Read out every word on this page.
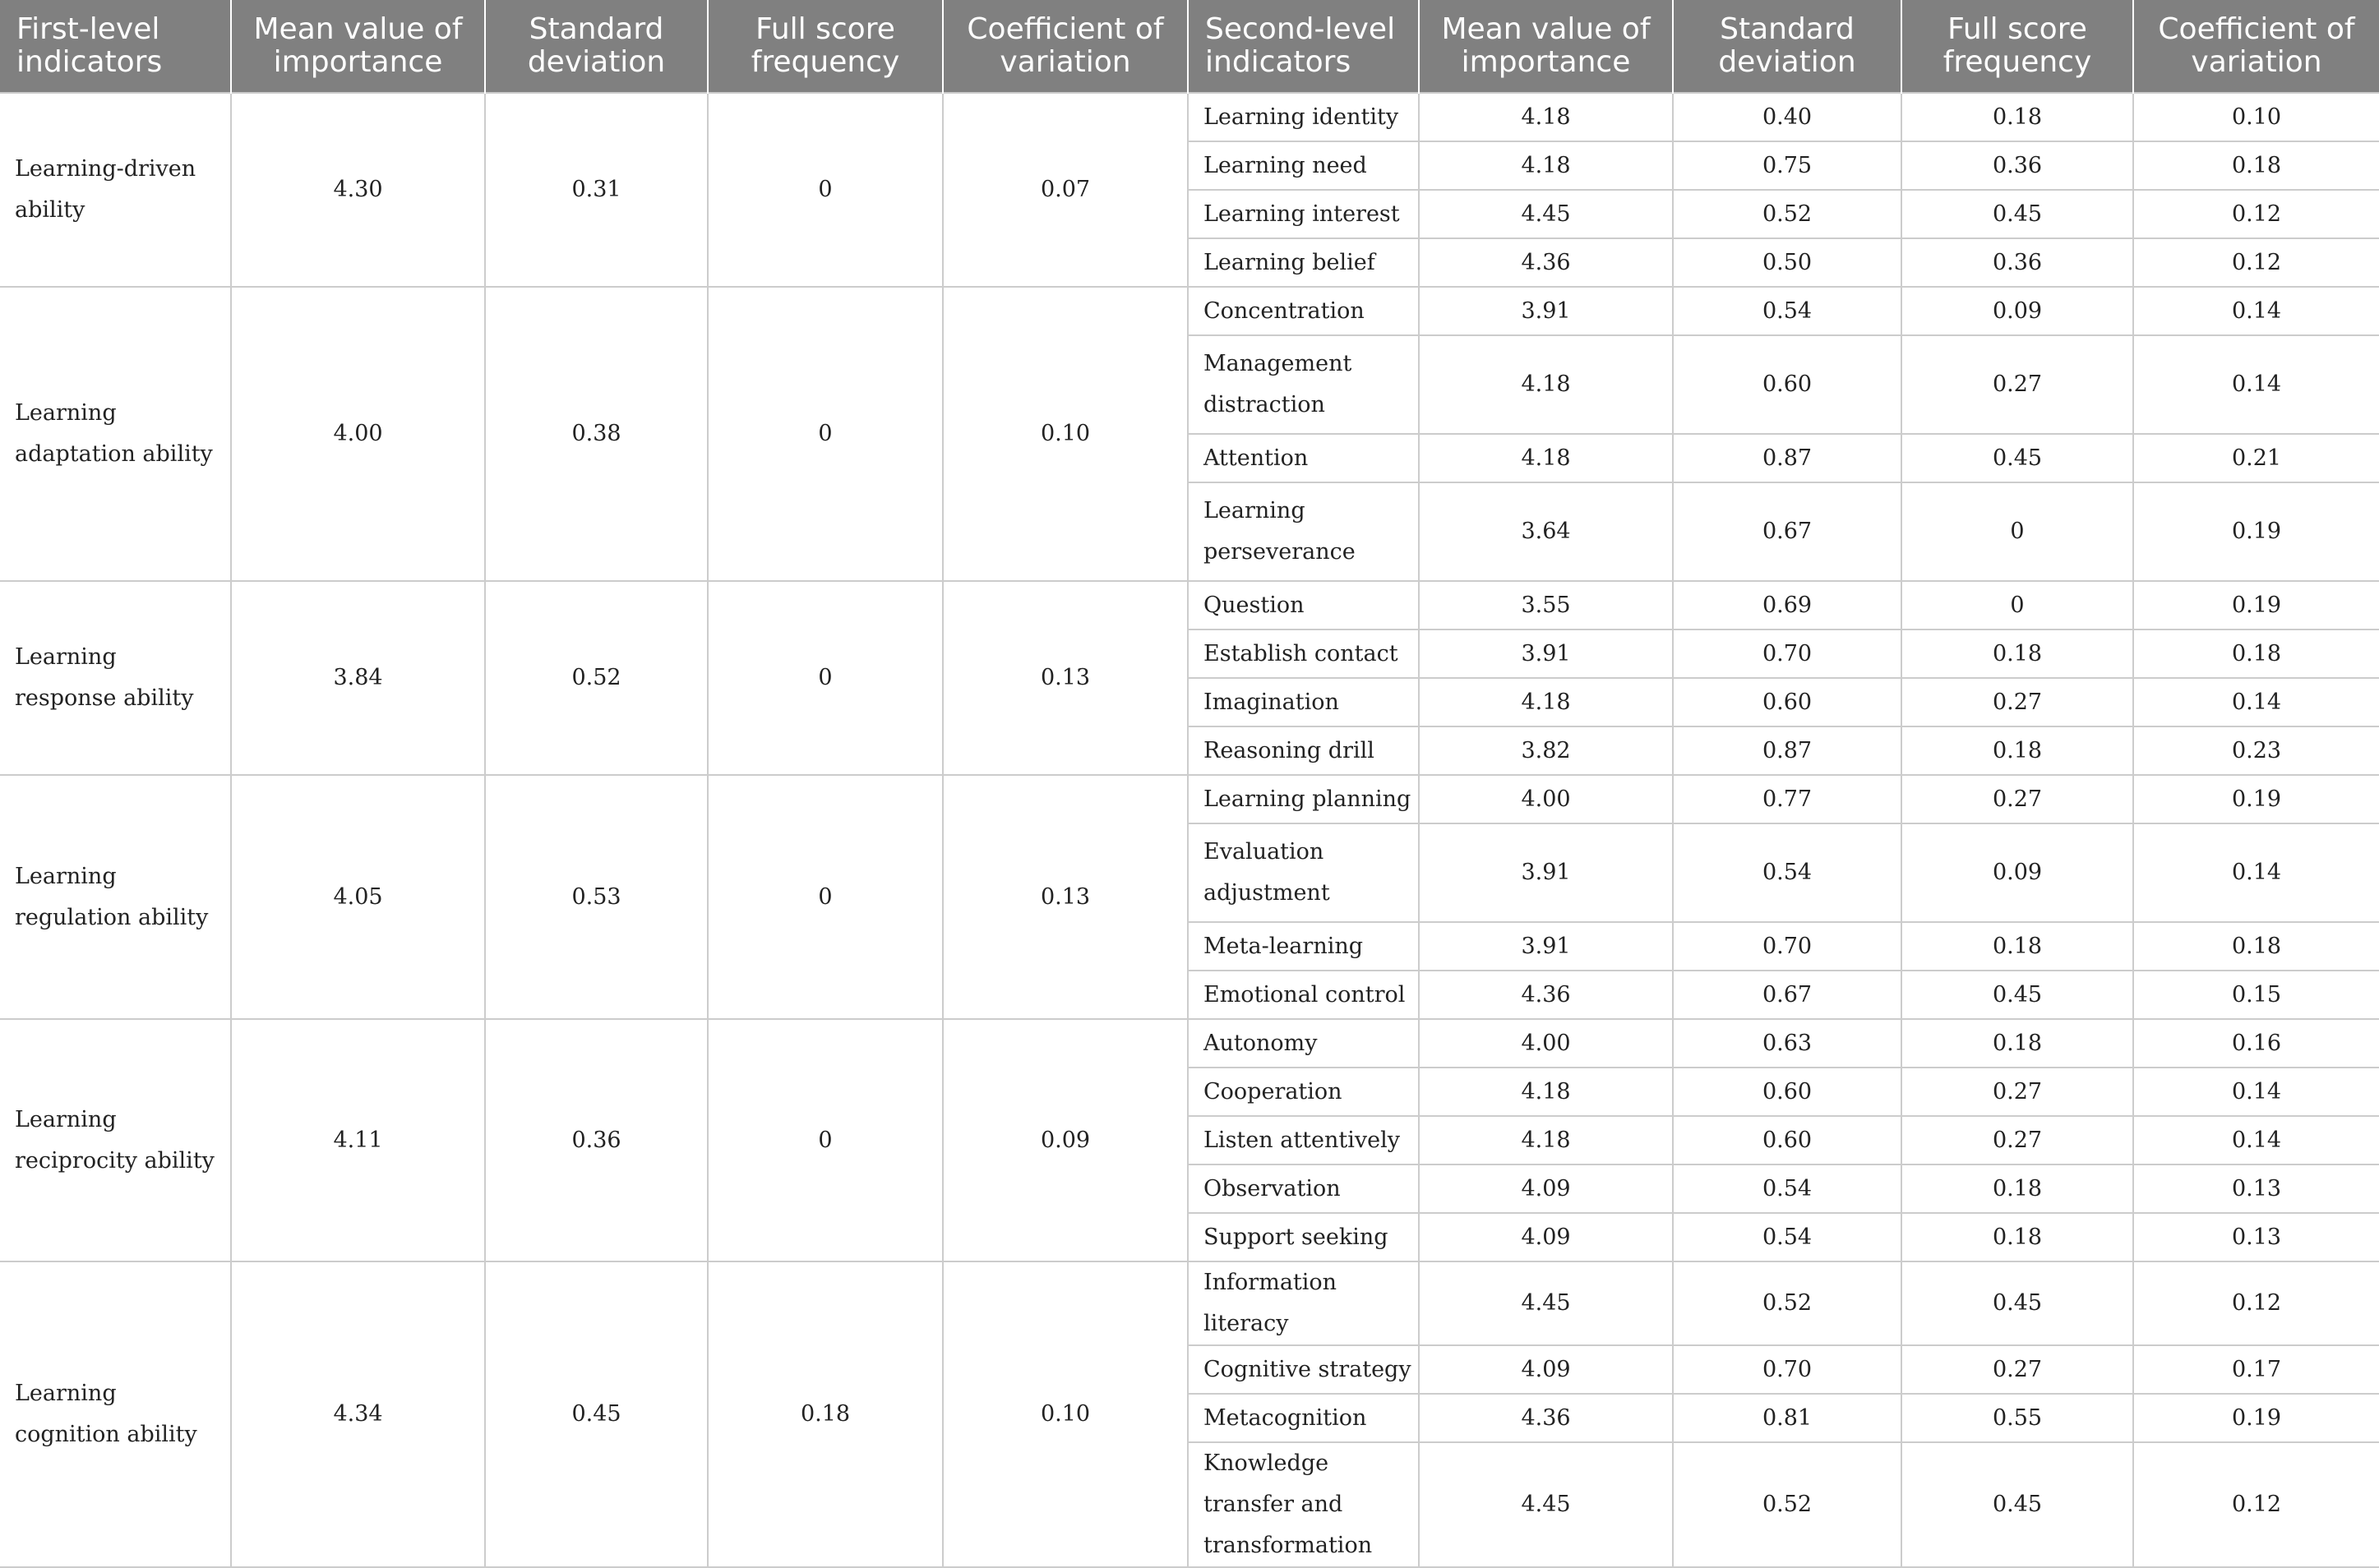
First-level indicators	Mean value of importance	Standard deviation	Full score frequency	Coefficient of variation	Second-level indicators	Mean value of importance	Standard deviation	Full score frequency	Coefficient of variation
Learning-driven ability	4.30	0.31	0	0.07	Learning identity	4.18	0.40	0.18	0.10
					Learning need	4.18	0.75	0.36	0.18
					Learning interest	4.45	0.52	0.45	0.12
					Learning belief	4.36	0.50	0.36	0.12
Learning adaptation ability	4.00	0.38	0	0.10	Concentration	3.91	0.54	0.09	0.14
					Management distraction	4.18	0.60	0.27	0.14
					Attention	4.18	0.87	0.45	0.21
					Learning perseverance	3.64	0.67	0	0.19
Learning response ability	3.84	0.52	0	0.13	Question	3.55	0.69	0	0.19
					Establish contact	3.91	0.70	0.18	0.18
					Imagination	4.18	0.60	0.27	0.14
					Reasoning drill	3.82	0.87	0.18	0.23
Learning regulation ability	4.05	0.53	0	0.13	Learning planning	4.00	0.77	0.27	0.19
					Evaluation adjustment	3.91	0.54	0.09	0.14
					Meta-learning	3.91	0.70	0.18	0.18
					Emotional control	4.36	0.67	0.45	0.15
Learning reciprocity ability	4.11	0.36	0	0.09	Autonomy	4.00	0.63	0.18	0.16
					Cooperation	4.18	0.60	0.27	0.14
					Listen attentively	4.18	0.60	0.27	0.14
					Observation	4.09	0.54	0.18	0.13
					Support seeking	4.09	0.54	0.18	0.13
Learning cognition ability	4.34	0.45	0.18	0.10	Information literacy	4.45	0.52	0.45	0.12
					Cognitive strategy	4.09	0.70	0.27	0.17
					Metacognition	4.36	0.81	0.55	0.19
					Knowledge transfer and transformation	4.45	0.52	0.45	0.12
